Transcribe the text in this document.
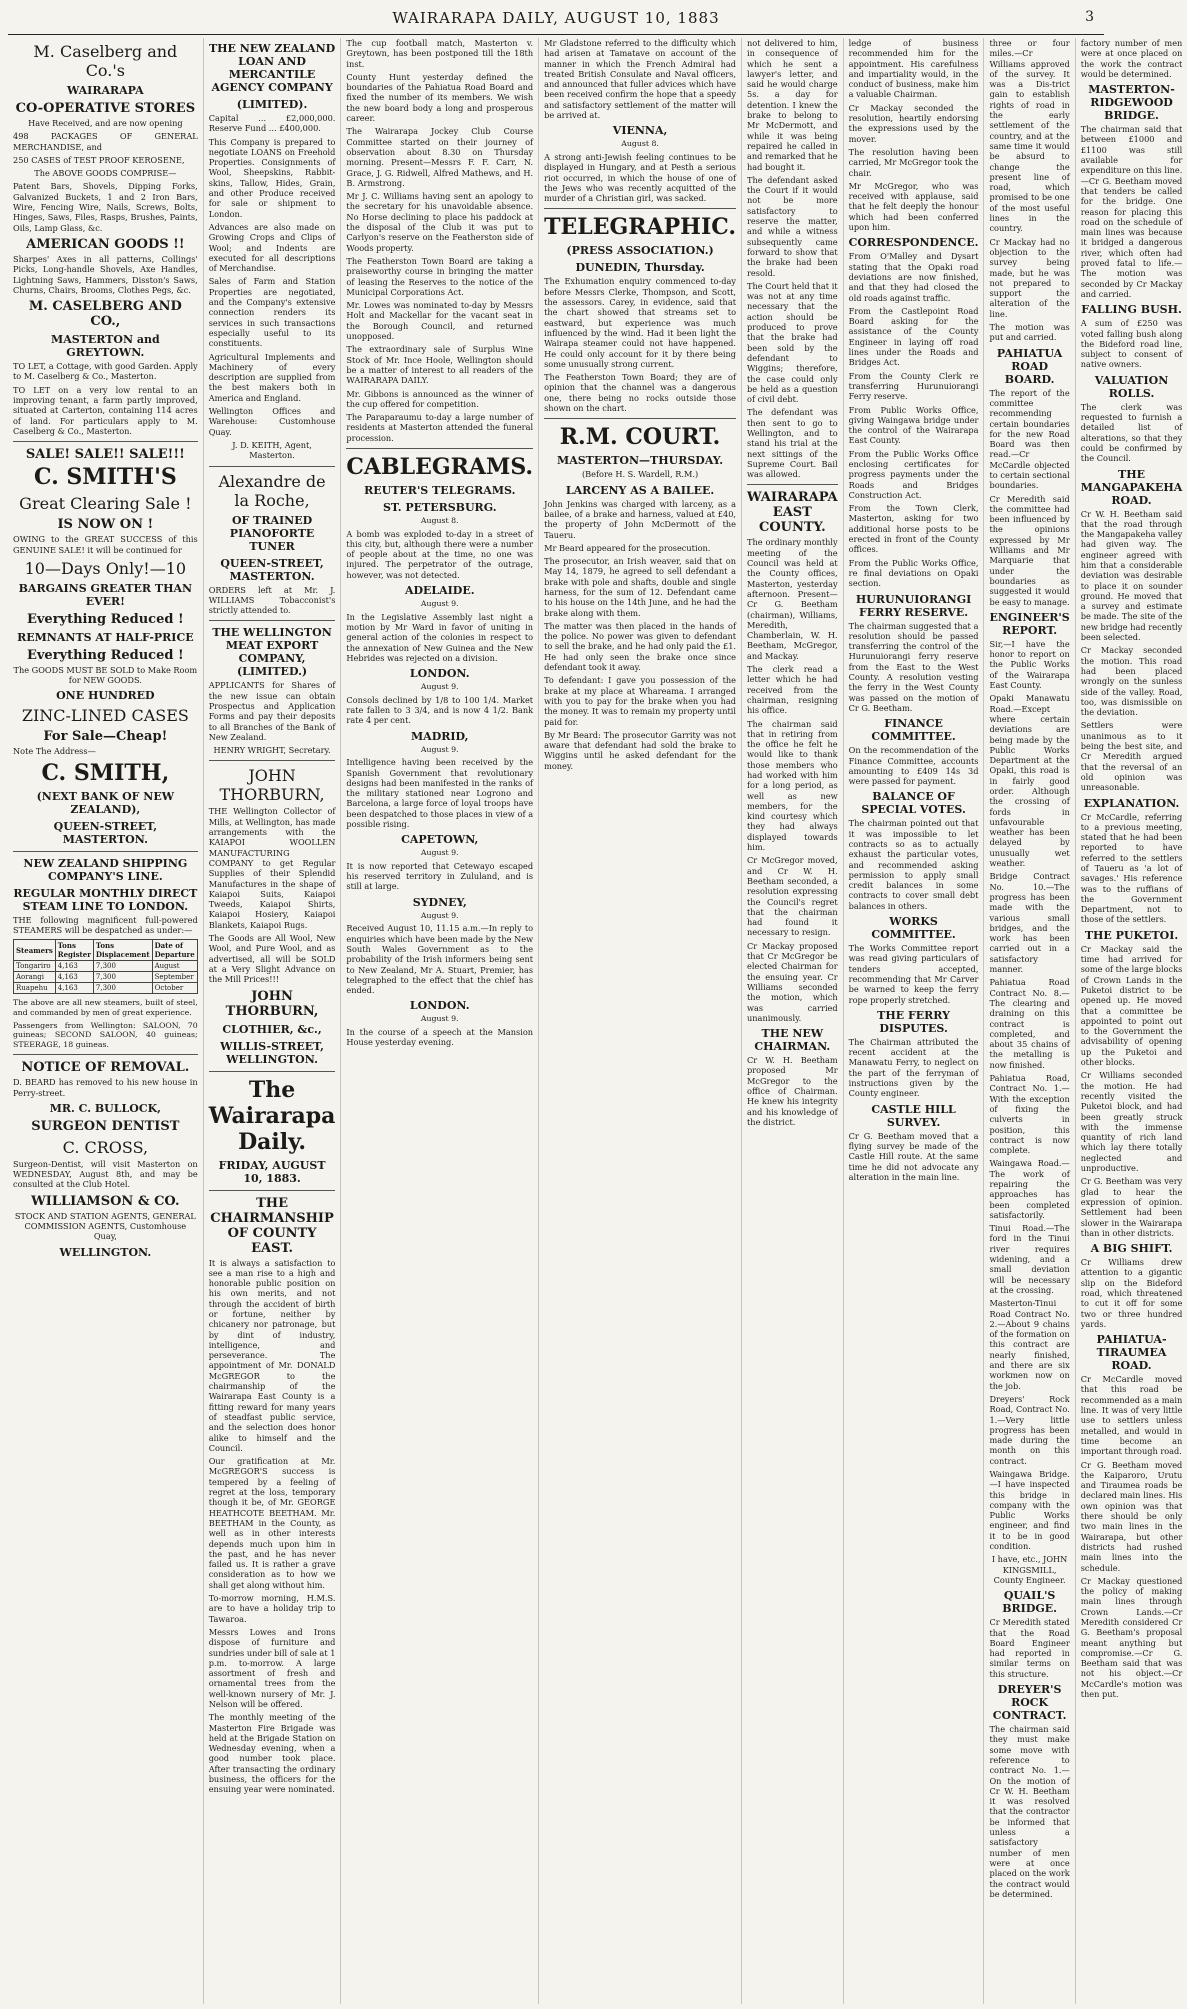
WAIRARAPA DAILY, AUGUST 10, 1883	3
M. Caselberg and Co.'s
WAIRARAPA
CO-OPERATIVE STORES

Have Received, and are now opening

498 PACKAGES OF GENERAL MERCHANDISE, and

250 CASES of TEST PROOF KEROSENE,

The ABOVE GOODS COMPRISE—

Patent Bars, Shovels, Dipping Forks, Galvanized Buckets, 1 and 2 Iron Bars, Wire, Fencing Wire, Nails, Screws, Bolts, Hinges, Saws, Files, Rasps, Brushes, Paints, Oils, Lamp Glass, &c.

AMERICAN GOODS !!

Sharpes' Axes in all patterns, Collings' Picks, Long-handle Shovels, Axe Handles, Lightning Saws, Hammers, Disston's Saws, Churns, Chairs, Brooms, Clothes Pegs, &c.

M. CASELBERG AND CO.,
MASTERTON and GREYTOWN.

TO LET, a Cottage, with good Garden. Apply to M. Caselberg & Co., Masterton.

TO LET on a very low rental to an improving tenant, a farm partly improved, situated at Carterton, containing 114 acres of land. For particulars apply to M. Caselberg & Co., Masterton.

SALE! SALE!! SALE!!!
C. SMITH'S
Great Clearing Sale !
IS NOW ON !

OWING to the GREAT SUCCESS of this GENUINE SALE! it will be continued for

10—Days Only!—10
BARGAINS GREATER THAN EVER!
Everything Reduced !
REMNANTS AT HALF-PRICE
Everything Reduced !

The GOODS MUST BE SOLD to Make Room for NEW GOODS.

ONE HUNDRED
ZINC-LINED CASES
For Sale—Cheap!

Note The Address—

C. SMITH,
(NEXT BANK OF NEW ZEALAND),
QUEEN-STREET, MASTERTON.
NEW ZEALAND SHIPPING COMPANY'S LINE.
REGULAR MONTHLY DIRECT STEAM LINE TO LONDON.

THE following magnificent full-powered STEAMERS will be despatched as under:—

Steamers	Tons Register	Tons Displacement	Date of Departure
Tongariro	4,163	7,300	August
Aorangi	4,163	7,300	September
Ruapehu	4,163	7,300	October

The above are all new steamers, built of steel, and commanded by men of great experience.

Passengers from Wellington: SALOON, 70 guineas; SECOND SALOON, 40 guineas; STEERAGE, 18 guineas.

NOTICE OF REMOVAL.

D. BEARD has removed to his new house in Perry-street.

MR. C. BULLOCK,
SURGEON DENTIST
C. CROSS,

Surgeon-Dentist, will visit Masterton on WEDNESDAY, August 8th, and may be consulted at the Club Hotel.

WILLIAMSON & CO.

STOCK AND STATION AGENTS, GENERAL COMMISSION AGENTS, Customhouse Quay,

WELLINGTON.
THE NEW ZEALAND LOAN AND MERCANTILE AGENCY COMPANY
(LIMITED).

Capital ... £2,000,000. Reserve Fund ... £400,000.

This Company is prepared to negotiate LOANS on Freehold Properties. Consignments of Wool, Sheepskins, Rabbit-skins, Tallow, Hides, Grain, and other Produce received for sale or shipment to London.

Advances are also made on Growing Crops and Clips of Wool; and Indents are executed for all descriptions of Merchandise.

Sales of Farm and Station Properties are negotiated, and the Company's extensive connection renders its services in such transactions especially useful to its constituents.

Agricultural Implements and Machinery of every description are supplied from the best makers both in America and England.

Wellington Offices and Warehouse: Customhouse Quay.

J. D. KEITH, Agent, Masterton.

Alexandre de la Roche,
OF TRAINED PIANOFORTE TUNER
QUEEN-STREET, MASTERTON.

ORDERS left at Mr. J. WILLIAMS Tobacconist's strictly attended to.

THE WELLINGTON MEAT EXPORT COMPANY, (LIMITED.)

APPLICANTS for Shares of the new issue can obtain Prospectus and Application Forms and pay their deposits to all Branches of the Bank of New Zealand.

HENRY WRIGHT, Secretary.

JOHN THORBURN,

THE Wellington Collector of Mills, at Wellington, has made arrangements with the KAIAPOI WOOLLEN MANUFACTURING COMPANY to get Regular Supplies of their Splendid Manufactures in the shape of Kaiapoi Suits, Kaiapoi Tweeds, Kaiapoi Shirts, Kaiapoi Hosiery, Kaiapoi Blankets, Kaiapoi Rugs.

The Goods are All Wool, New Wool, and Pure Wool, and as advertised, all will be SOLD at a Very Slight Advance on the Mill Prices!!!

JOHN THORBURN,
CLOTHIER, &c.,
WILLIS-STREET, WELLINGTON.
The Wairarapa Daily.
FRIDAY, AUGUST 10, 1883.
THE CHAIRMANSHIP OF COUNTY EAST.

It is always a satisfaction to see a man rise to a high and honorable public position on his own merits, and not through the accident of birth or fortune, neither by chicanery nor patronage, but by dint of industry, intelligence, and perseverance. The appointment of Mr. DONALD McGREGOR to the chairmanship of the Wairarapa East County is a fitting reward for many years of steadfast public service, and the selection does honor alike to himself and the Council.

Our gratification at Mr. McGREGOR'S success is tempered by a feeling of regret at the loss, temporary though it be, of Mr. GEORGE HEATHCOTE BEETHAM. Mr. BEETHAM in the County, as well as in other interests depends much upon him in the past, and he has never failed us. It is rather a grave consideration as to how we shall get along without him.

To-morrow morning, H.M.S. are to have a holiday trip to Tawaroa.

Messrs Lowes and Irons dispose of furniture and sundries under bill of sale at 1 p.m. to-morrow. A large assortment of fresh and ornamental trees from the well-known nursery of Mr. J. Nelson will be offered.

The monthly meeting of the Masterton Fire Brigade was held at the Brigade Station on Wednesday evening, when a good number took place. After transacting the ordinary business, the officers for the ensuing year were nominated.

The cup football match, Masterton v. Greytown, has been postponed till the 18th inst.

County Hunt yesterday defined the boundaries of the Pahiatua Road Board and fixed the number of its members. We wish the new board body a long and prosperous career.

The Wairarapa Jockey Club Course Committee started on their journey of observation about 8.30 on Thursday morning. Present—Messrs F. F. Carr, N. Grace, J. G. Ridwell, Alfred Mathews, and H. B. Armstrong.

Mr J. C. Williams having sent an apology to the secretary for his unavoidable absence. No Horse declining to place his paddock at the disposal of the Club it was put to Carlyon's reserve on the Featherston side of Woods property.

The Featherston Town Board are taking a praiseworthy course in bringing the matter of leasing the Reserves to the notice of the Municipal Corporations Act.

Mr. Lowes was nominated to-day by Messrs Holt and Mackellar for the vacant seat in the Borough Council, and returned unopposed.

The extraordinary sale of Surplus Wine Stock of Mr. Ince Hoole, Wellington should be a matter of interest to all readers of the WAIRARAPA DAILY.

Mr. Gibbons is announced as the winner of the cup offered for competition.

The Paraparaumu to-day a large number of residents at Masterton attended the funeral procession.

CABLEGRAMS.
REUTER'S TELEGRAMS.
ST. PETERSBURG.

August 8.

A bomb was exploded to-day in a street of this city, but, although there were a number of people about at the time, no one was injured. The perpetrator of the outrage, however, was not detected.

ADELAIDE.

August 9.

In the Legislative Assembly last night a motion by Mr Ward in favor of uniting in general action of the colonies in respect to the annexation of New Guinea and the New Hebrides was rejected on a division.

LONDON.

August 9.

Consols declined by 1/8 to 100 1/4. Market rate fallen to 3 3/4, and is now 4 1/2. Bank rate 4 per cent.

MADRID,

August 9.

Intelligence having been received by the Spanish Government that revolutionary designs had been manifested in the ranks of the military stationed near Logrono and Barcelona, a large force of loyal troops have been despatched to those places in view of a possible rising.

CAPETOWN,

August 9.

It is now reported that Cetewayo escaped his reserved territory in Zululand, and is still at large.

SYDNEY,

August 9.

Received August 10, 11.15 a.m.—In reply to enquiries which have been made by the New South Wales Government as to the probability of the Irish informers being sent to New Zealand, Mr A. Stuart, Premier, has telegraphed to the effect that the chief has ended.

LONDON.

August 9.

In the course of a speech at the Mansion House yesterday evening.

Mr Gladstone referred to the difficulty which had arisen at Tamatave on account of the manner in which the French Admiral had treated British Consulate and Naval officers, and announced that fuller advices which have been received confirm the hope that a speedy and satisfactory settlement of the matter will be arrived at.

VIENNA,

August 8.

A strong anti-Jewish feeling continues to be displayed in Hungary, and at Pesth a serious riot occurred, in which the house of one of the Jews who was recently acquitted of the murder of a Christian girl, was sacked.

TELEGRAPHIC.
(PRESS ASSOCIATION.)
DUNEDIN, Thursday.

The Exhumation enquiry commenced to-day before Messrs Clerke, Thompson, and Scott, the assessors. Carey, in evidence, said that the chart showed that streams set to eastward, but experience was much influenced by the wind. Had it been light the Wairapa steamer could not have happened. He could only account for it by there being some unusually strong current.

The Featherston Town Board; they are of opinion that the channel was a dangerous one, there being no rocks outside those shown on the chart.

R.M. COURT.
MASTERTON—THURSDAY.

(Before H. S. Wardell, R.M.)

LARCENY AS A BAILEE.

John Jenkins was charged with larceny, as a bailee, of a brake and harness, valued at £40, the property of John McDermott of the Taueru.

Mr Beard appeared for the prosecution.

The prosecutor, an Irish weaver, said that on May 14, 1879, he agreed to sell defendant a brake with pole and shafts, double and single harness, for the sum of 12. Defendant came to his house on the 14th June, and he had the brake along with them.

The matter was then placed in the hands of the police. No power was given to defendant to sell the brake, and he had only paid the £1. He had only seen the brake once since defendant took it away.

To defendant: I gave you possession of the brake at my place at Whareama. I arranged with you to pay for the brake when you had the money. It was to remain my property until paid for.

By Mr Beard: The prosecutor Garrity was not aware that defendant had sold the brake to Wiggins until he asked defendant for the money.

not delivered to him, in consequence of which he sent a lawyer's letter, and said he would charge 5s. a day for detention. I knew the brake to belong to Mr McDermott, and while it was being repaired he called in and remarked that he had bought it.

The defendant asked the Court if it would not be more satisfactory to reserve the matter, and while a witness subsequently came forward to show that the brake had been resold.

The Court held that it was not at any time necessary that the action should be produced to prove that the brake had been sold by the defendant to Wiggins; therefore, the case could only be held as a question of civil debt.

The defendant was then sent to go to Wellington, and to stand his trial at the next sittings of the Supreme Court. Bail was allowed.

WAIRARAPA EAST COUNTY.

The ordinary monthly meeting of the Council was held at the County offices, Masterton, yesterday afternoon. Present—Cr G. Beetham (chairman), Williams, Meredith, Chamberlain, W. H. Beetham, McGregor, and Mackay.

The clerk read a letter which he had received from the chairman, resigning his office.

The chairman said that in retiring from the office he felt he would like to thank those members who had worked with him for a long period, as well as new members, for the kind courtesy which they had always displayed towards him.

Cr McGregor moved, and Cr W. H. Beetham seconded, a resolution expressing the Council's regret that the chairman had found it necessary to resign.

Cr Mackay proposed that Cr McGregor be elected Chairman for the ensuing year. Cr Williams seconded the motion, which was carried unanimously.

THE NEW CHAIRMAN.

Cr W. H. Beetham proposed Mr McGregor to the office of Chairman. He knew his integrity and his knowledge of the district.

ledge of business recommended him for the appointment. His carefulness and impartiality would, in the conduct of business, make him a valuable Chairman.

Cr Mackay seconded the resolution, heartily endorsing the expressions used by the mover.

The resolution having been carried, Mr McGregor took the chair.

Mr McGregor, who was received with applause, said that he felt deeply the honour which had been conferred upon him.

CORRESPONDENCE.

From O'Malley and Dysart stating that the Opaki road deviations are now finished, and that they had closed the old roads against traffic.

From the Castlepoint Road Board asking for the assistance of the County Engineer in laying off road lines under the Roads and Bridges Act.

From the County Clerk re transferring Hurunuiorangi Ferry reserve.

From Public Works Office, giving Waingawa bridge under the control of the Wairarapa East County.

From the Public Works Office enclosing certificates for progress payments under the Roads and Bridges Construction Act.

From the Town Clerk, Masterton, asking for two additional horse posts to be erected in front of the County offices.

From the Public Works Office, re final deviations on Opaki section.

HURUNUIORANGI FERRY RESERVE.

The chairman suggested that a resolution should be passed transferring the control of the Hurunuiorangi ferry reserve from the East to the West County. A resolution vesting the ferry in the West County was passed on the motion of Cr G. Beetham.

FINANCE COMMITTEE.

On the recommendation of the Finance Committee, accounts amounting to £409 14s 3d were passed for payment.

BALANCE OF SPECIAL VOTES.

The chairman pointed out that it was impossible to let contracts so as to actually exhaust the particular votes, and recommended asking permission to apply small credit balances in some contracts to cover small debt balances in others.

WORKS COMMITTEE.

The Works Committee report was read giving particulars of tenders accepted, recommending that Mr Carver be warned to keep the ferry rope properly stretched.

THE FERRY DISPUTES.

The Chairman attributed the recent accident at the Manawatu Ferry, to neglect on the part of the ferryman of instructions given by the County engineer.

CASTLE HILL SURVEY.

Cr G. Beetham moved that a flying survey be made of the Castle Hill route. At the same time he did not advocate any alteration in the main line.

three or four miles.—Cr Williams approved of the survey. It was a Dis-trict gain to establish rights of road in the early settlement of the country, and at the same time it would be absurd to change the present line of road, which promised to be one of the most useful lines in the country.

Cr Mackay had no objection to the survey being made, but he was not prepared to support the alteration of the line.

The motion was put and carried.

PAHIATUA ROAD BOARD.

The report of the committee recommending certain boundaries for the new Road Board was then read.—Cr McCardle objected to certain sectional boundaries.

Cr Meredith said the committee had been influenced by the opinions expressed by Mr Williams and Mr Marquarie that under the boundaries as suggested it would be easy to manage.

ENGINEER'S REPORT.

Sir,—I have the honor to report on the Public Works of the Wairarapa East County.

Opaki Manawatu Road.—Except where certain deviations are being made by the Public Works Department at the Opaki, this road is in fairly good order. Although the crossing of fords in unfavourable weather has been delayed by unusually wet weather.

Bridge Contract No. 10.—The progress has been made with the various small bridges, and the work has been carried out in a satisfactory manner.

Pahiatua Road Contract No. 8.—The clearing and draining on this contract is completed, and about 35 chains of the metalling is now finished.

Pahiatua Road, Contract No. 1.—With the exception of fixing the culverts in position, this contract is now complete.

Waingawa Road.—The work of repairing the approaches has been completed satisfactorily.

Tinui Road.—The ford in the Tinui river requires widening, and a small deviation will be necessary at the crossing.

Masterton-Tinui Road Contract No. 2.—About 9 chains of the formation on this contract are nearly finished, and there are six workmen now on the job.

Dreyers' Rock Road, Contract No. 1.—Very little progress has been made during the month on this contract.

Waingawa Bridge.—I have inspected this bridge in company with the Public Works engineer, and find it to be in good condition.

I have, etc., JOHN KINGSMILL, County Engineer.

QUAIL'S BRIDGE.

Cr Meredith stated that the Road Board Engineer had reported in similar terms on this structure.

DREYER'S ROCK CONTRACT.

The chairman said they must make some move with reference to contract No. 1.—On the motion of Cr W. H. Beetham it was resolved that the contractor be informed that unless a satisfactory number of men were at once placed on the work the contract would be determined.

factory number of men were at once placed on the work the contract would be determined.

MASTERTON-RIDGEWOOD BRIDGE.

The chairman said that between £1000 and £1100 was still available for expenditure on this line.—Cr G. Beetham moved that tenders be called for the bridge. One reason for placing this road on the schedule of main lines was because it bridged a dangerous river, which often had proved fatal to life.—The motion was seconded by Cr Mackay and carried.

FALLING BUSH.

A sum of £250 was voted falling bush along the Bideford road line, subject to consent of native owners.

VALUATION ROLLS.

The clerk was requested to furnish a detailed list of alterations, so that they could be confirmed by the Council.

THE MANGAPAKEHA ROAD.

Cr W. H. Beetham said that the road through the Mangapakeha valley had given way. The engineer agreed with him that a considerable deviation was desirable to place it on sounder ground. He moved that a survey and estimate be made. The site of the new bridge had recently been selected.

Cr Mackay seconded the motion. This road had been placed wrongly on the sunless side of the valley. Road, too, was dismissible on the deviation.

Settlers were unanimous as to it being the best site, and Cr Meredith argued that the reversal of an old opinion was unreasonable.

EXPLANATION.

Cr McCardle, referring to a previous meeting, stated that he had been reported to have referred to the settlers of Taueru as 'a lot of savages.' His reference was to the ruffians of the Government Department, not to those of the settlers.

THE PUKETOI.

Cr Mackay said the time had arrived for some of the large blocks of Crown Lands in the Puketoi district to be opened up. He moved that a committee be appointed to point out to the Government the advisability of opening up the Puketoi and other blocks.

Cr Williams seconded the motion. He had recently visited the Puketoi block, and had been greatly struck with the immense quantity of rich land which lay there totally neglected and unproductive.

Cr G. Beetham was very glad to hear the expression of opinion. Settlement had been slower in the Wairarapa than in other districts.

A BIG SHIFT.

Cr Williams drew attention to a gigantic slip on the Bideford road, which threatened to cut it off for some two or three hundred yards.

PAHIATUA-TIRAUMEA ROAD.

Cr McCardle moved that this road be recommended as a main line. It was of very little use to settlers unless metalled, and would in time become an important through road.

Cr G. Beetham moved the Kaiparoro, Urutu and Tiraumea roads be declared main lines. His own opinion was that there should be only two main lines in the Wairarapa, but other districts had rushed main lines into the schedule.

Cr Mackay questioned the policy of making main lines through Crown Lands.—Cr Meredith considered Cr G. Beetham's proposal meant anything but compromise.—Cr G. Beetham said that was not his object.—Cr McCardle's motion was then put.
